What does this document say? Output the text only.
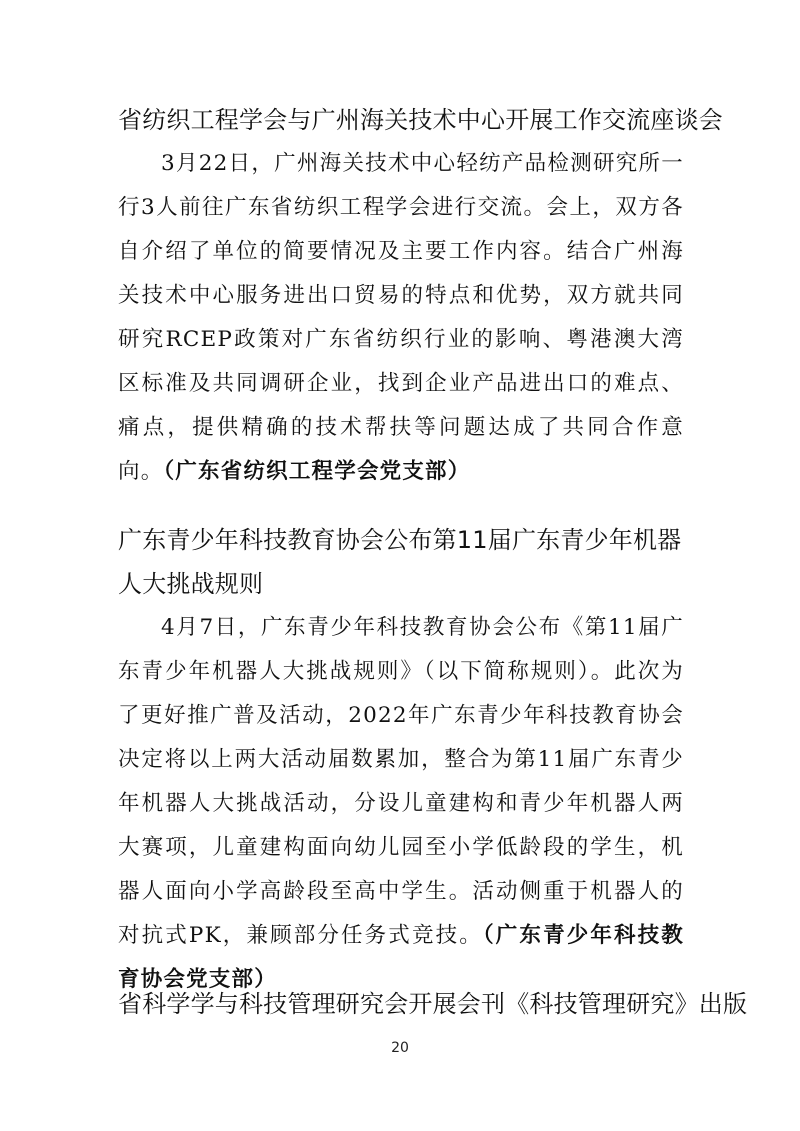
省纺织工程学会与广州海关技术中心开展工作交流座谈会

3月22日，广州海关技术中心轻纺产品检测研究所一行3人前往广东省纺织工程学会进行交流。会上，双方各自介绍了单位的简要情况及主要工作内容。结合广州海关技术中心服务进出口贸易的特点和优势，双方就共同研究RCEP政策对广东省纺织行业的影响、粤港澳大湾区标准及共同调研企业，找到企业产品进出口的难点、痛点，提供精确的技术帮扶等问题达成了共同合作意向。（广东省纺织工程学会党支部）

广东青少年科技教育协会公布第11届广东青少年机器人大挑战规则

4月7日，广东青少年科技教育协会公布《第11届广东青少年机器人大挑战规则》（以下简称规则）。此次为了更好推广普及活动，2022年广东青少年科技教育协会决定将以上两大活动届数累加，整合为第11届广东青少年机器人大挑战活动，分设儿童建构和青少年机器人两大赛项，儿童建构面向幼儿园至小学低龄段的学生，机器人面向小学高龄段至高中学生。活动侧重于机器人的对抗式PK，兼顾部分任务式竞技。（广东青少年科技教育协会党支部）

省科学学与科技管理研究会开展会刊《科技管理研究》出版
20
